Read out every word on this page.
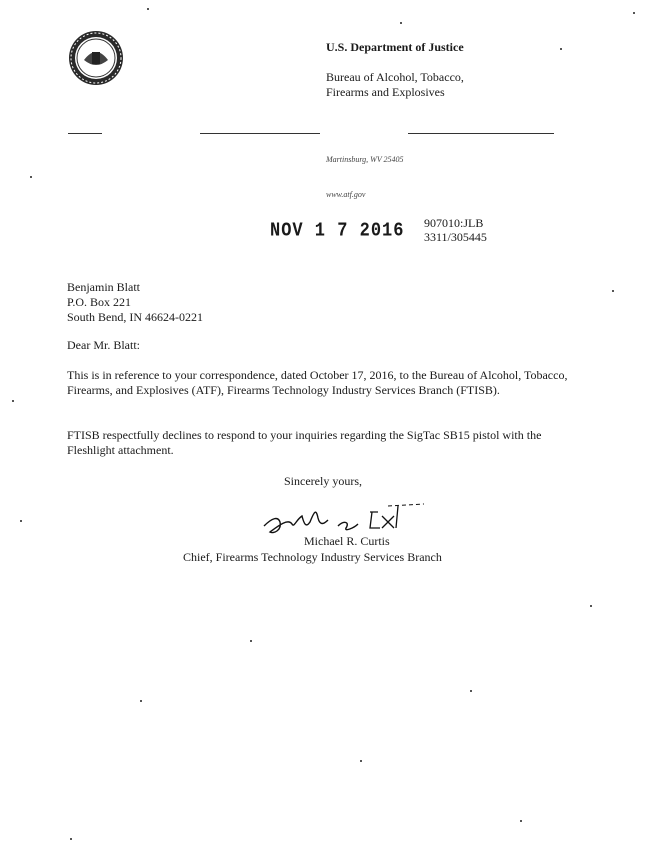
U.S. Department of Justice
Bureau of Alcohol, Tobacco,
Firearms and Explosives
Martinsburg, WV 25405
www.atf.gov
NOV 1 7 2016 907010:JLB
3311/305445
Benjamin Blatt
P.O. Box 221
South Bend, IN 46624-0221
Dear Mr. Blatt:
This is in reference to your correspondence, dated October 17, 2016, to the Bureau of Alcohol, Tobacco, Firearms, and Explosives (ATF), Firearms Technology Industry Services Branch (FTISB).
FTISB respectfully declines to respond to your inquiries regarding the SigTac SB15 pistol with the Fleshlight attachment.
Sincerely yours,
Michael R. Curtis
Chief, Firearms Technology Industry Services Branch
